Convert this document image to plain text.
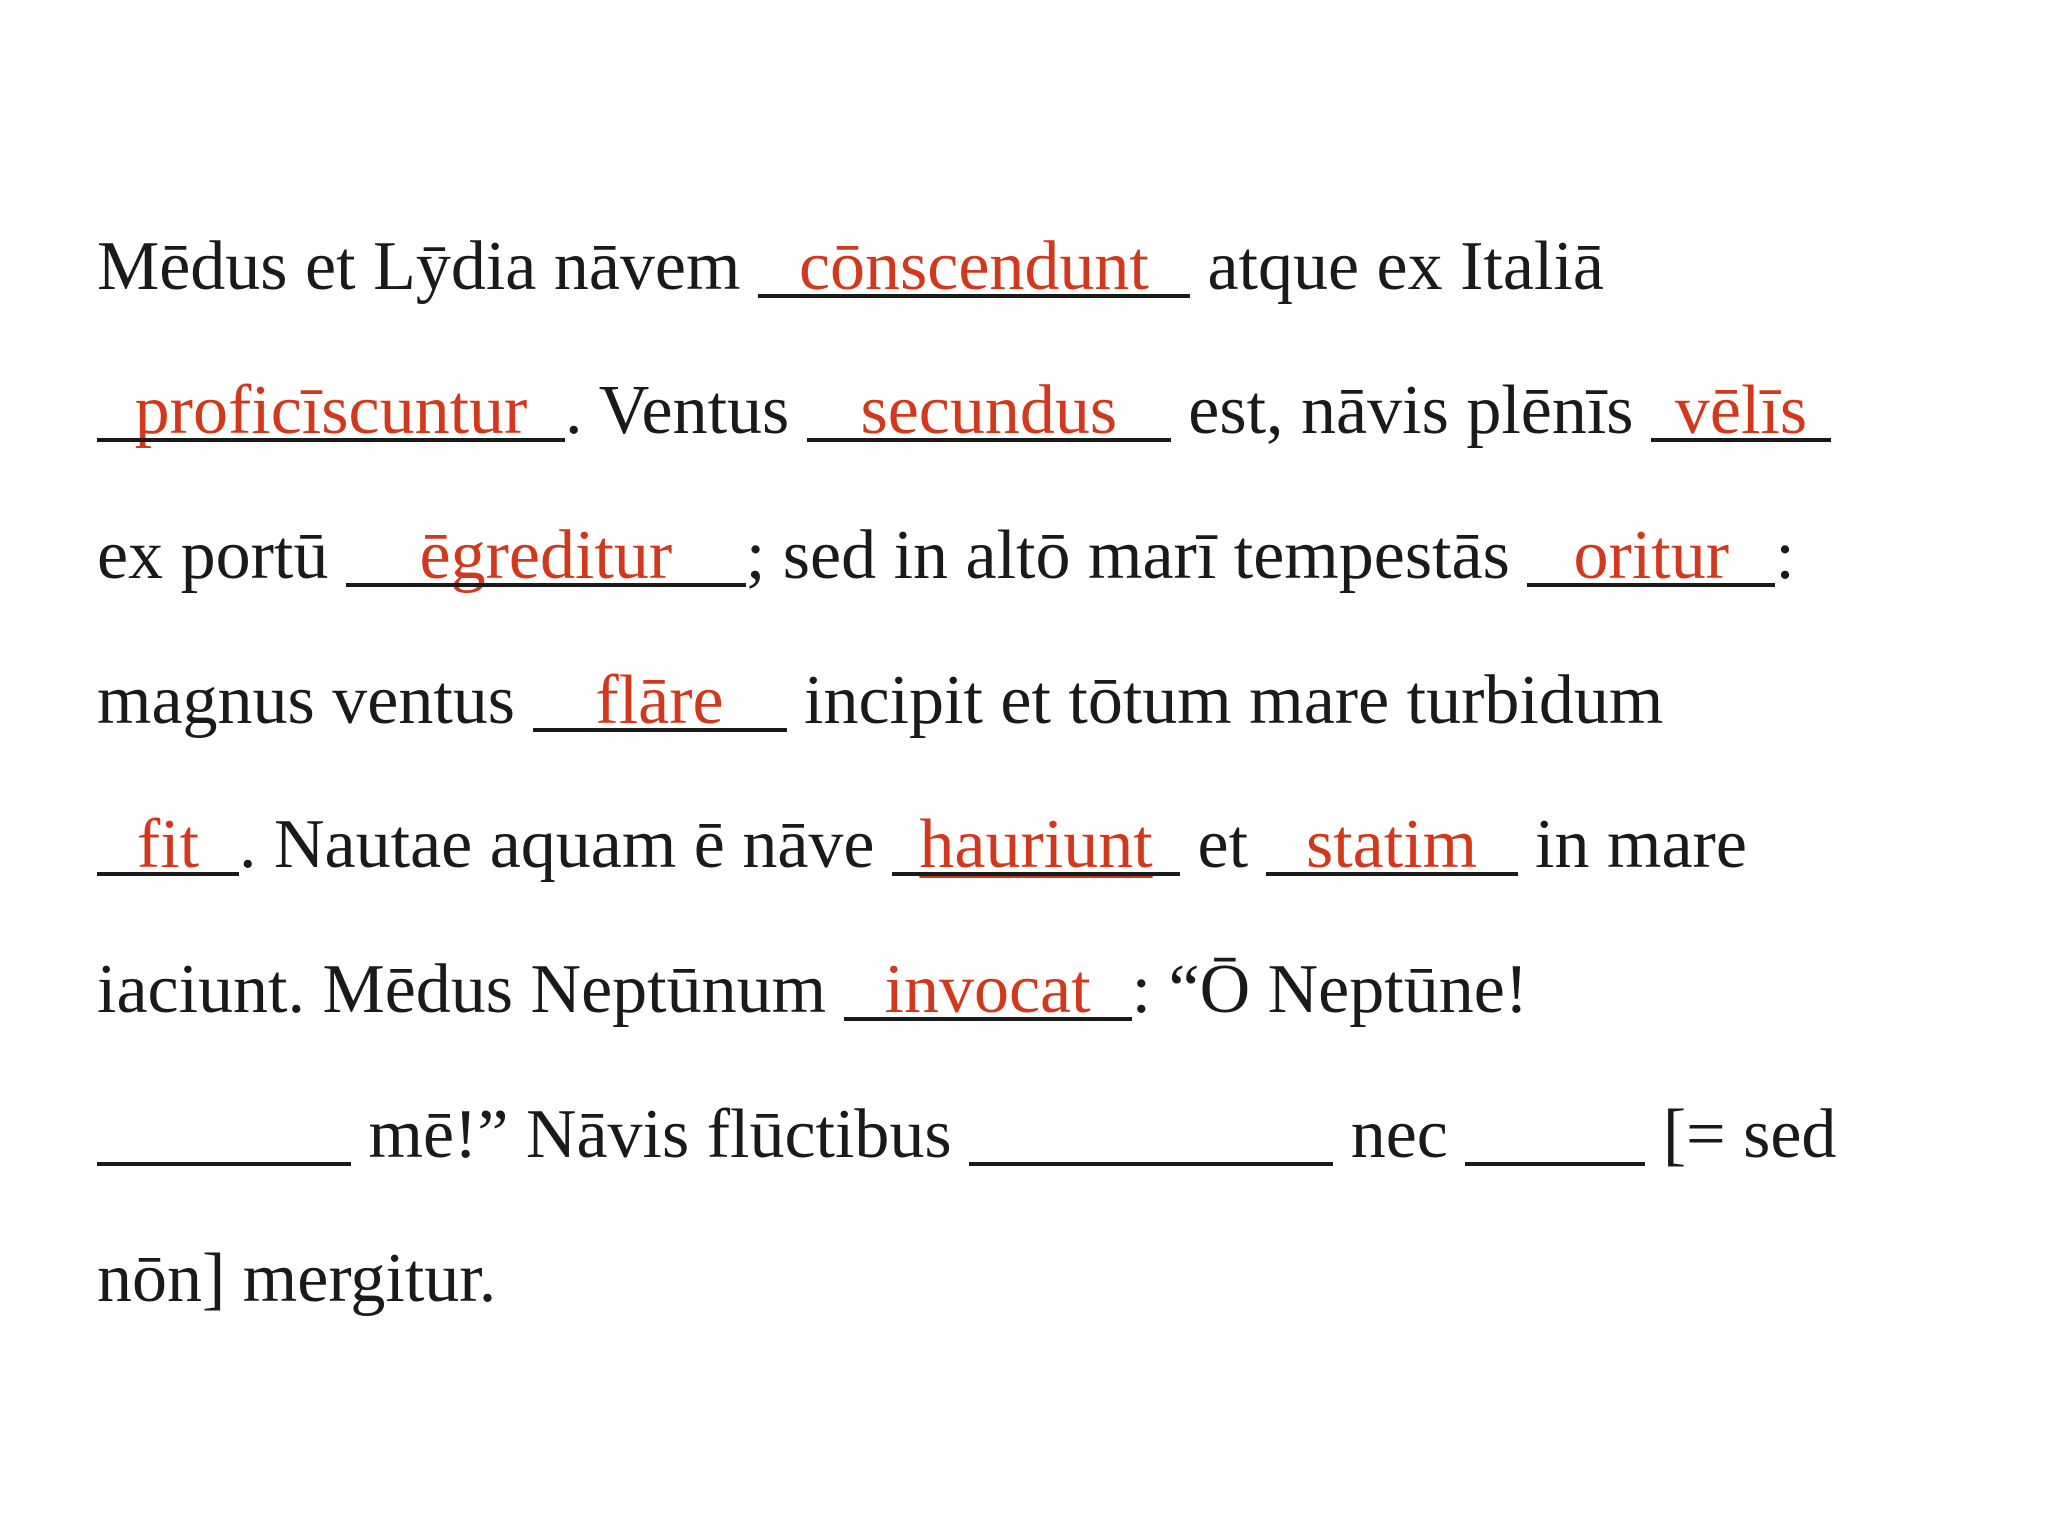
Mēdus et Lȳdia nāvem cōnscendunt atque ex Italiā
proficīscuntur . Ventus secundus est, nāvis plēnīs vēlīs
ex portū	ēgreditur	; sed in altō marī tempestās oritur :
magnus ventus flāre incipit et tōtum mare turbidum
fit . Nautae aquam ē nāve hauriunt et statim in mare
iaciunt. Mēdus Neptūnum invocat : “Ō Neptūne!
mē!” Nāvis flūctibus	nec	[= sed
nōn] mergitur.
